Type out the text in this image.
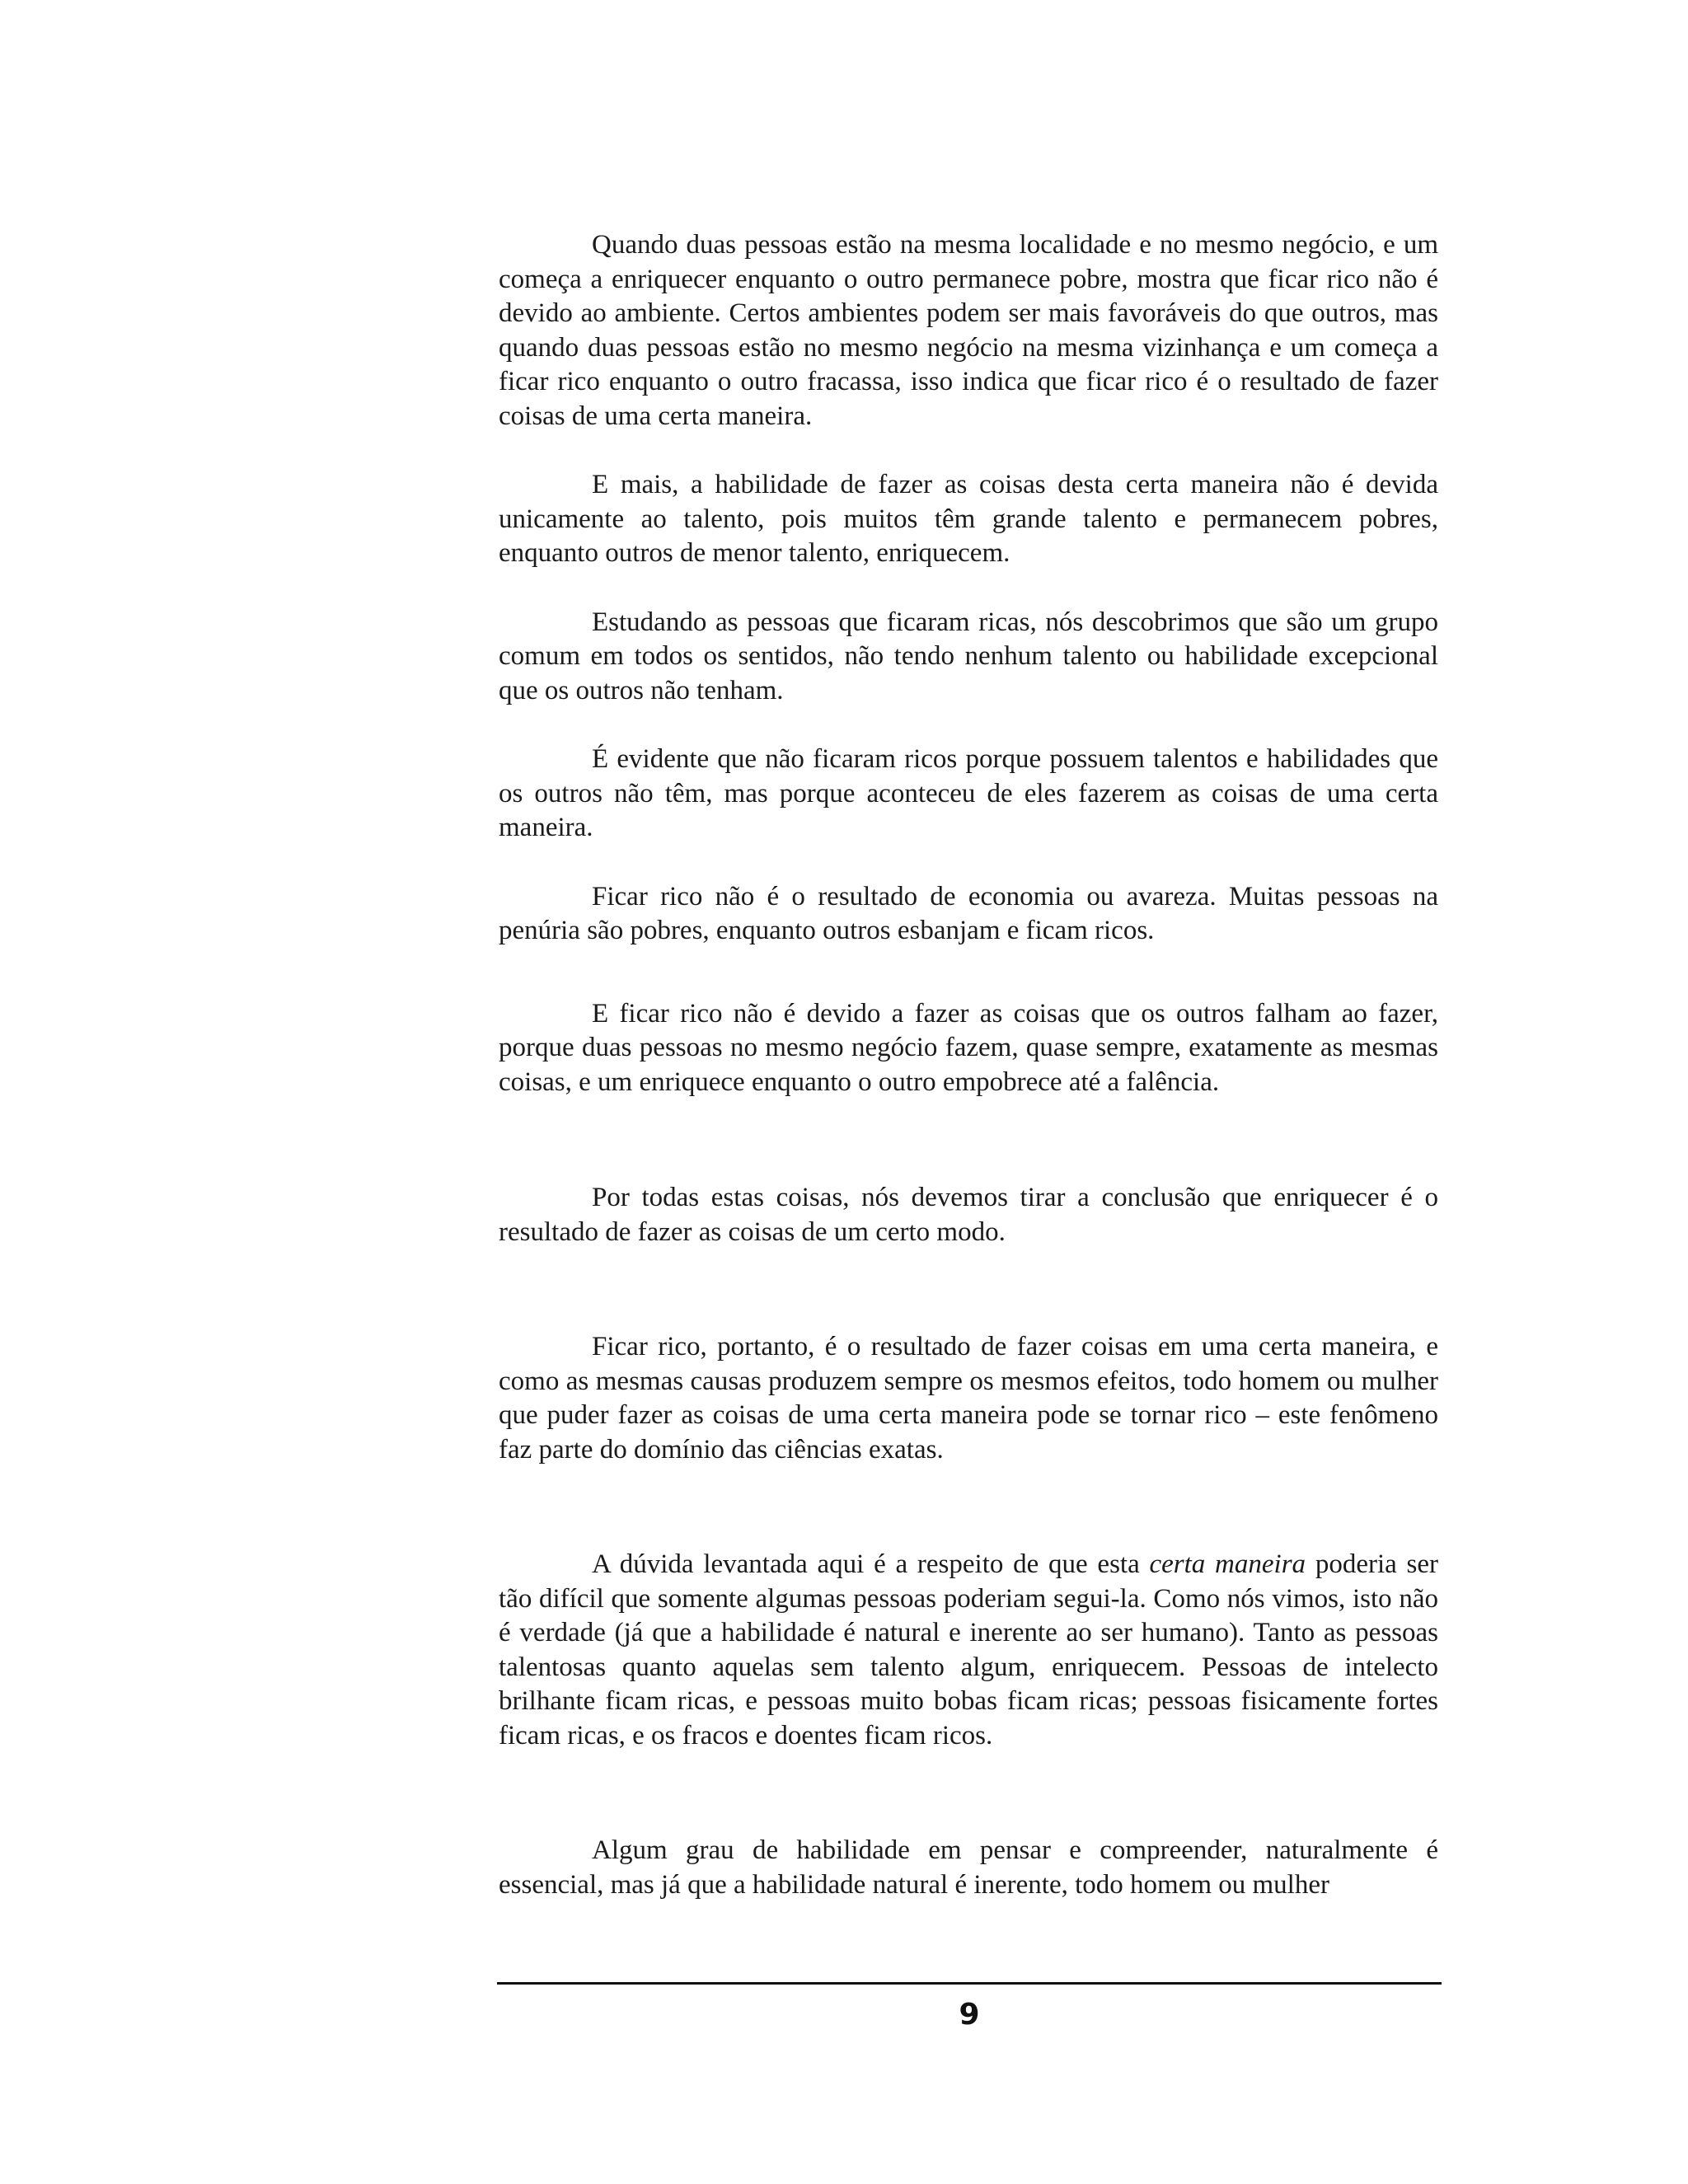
Quando duas pessoas estão na mesma localidade e no mesmo negócio, e um começa a enriquecer enquanto o outro permanece pobre, mostra que ficar rico não é devido ao ambiente. Certos ambientes podem ser mais favoráveis do que outros, mas quando duas pessoas estão no mesmo negócio na mesma vizinhança e um começa a ficar rico enquanto o outro fracassa, isso indica que ficar rico é o resultado de fazer coisas de uma certa maneira.

E mais, a habilidade de fazer as coisas desta certa maneira não é devida unicamente ao talento, pois muitos têm grande talento e permanecem pobres, enquanto outros de menor talento, enriquecem.

Estudando as pessoas que ficaram ricas, nós descobrimos que são um grupo comum em todos os sentidos, não tendo nenhum talento ou habilidade excepcional que os outros não tenham.

É evidente que não ficaram ricos porque possuem talentos e habilidades que os outros não têm, mas porque aconteceu de eles fazerem as coisas de uma certa maneira.

Ficar rico não é o resultado de economia ou avareza. Muitas pessoas na penúria são pobres, enquanto outros esbanjam e ficam ricos.

E ficar rico não é devido a fazer as coisas que os outros falham ao fazer, porque duas pessoas no mesmo negócio fazem, quase sempre, exatamente as mesmas coisas, e um enriquece enquanto o outro empobrece até a falência.

Por todas estas coisas, nós devemos tirar a conclusão que enriquecer é o resultado de fazer as coisas de um certo modo.

Ficar rico, portanto, é o resultado de fazer coisas em uma certa maneira, e como as mesmas causas produzem sempre os mesmos efeitos, todo homem ou mulher que puder fazer as coisas de uma certa maneira pode se tornar rico – este fenômeno faz parte do domínio das ciências exatas.

A dúvida levantada aqui é a respeito de que esta certa maneira poderia ser tão difícil que somente algumas pessoas poderiam segui-la. Como nós vimos, isto não é verdade (já que a habilidade é natural e inerente ao ser humano). Tanto as pessoas talentosas quanto aquelas sem talento algum, enriquecem. Pessoas de intelecto brilhante ficam ricas, e pessoas muito bobas ficam ricas; pessoas fisicamente fortes ficam ricas, e os fracos e doentes ficam ricos.

Algum grau de habilidade em pensar e compreender, naturalmente é essencial, mas já que a habilidade natural é inerente, todo homem ou mulher

9
